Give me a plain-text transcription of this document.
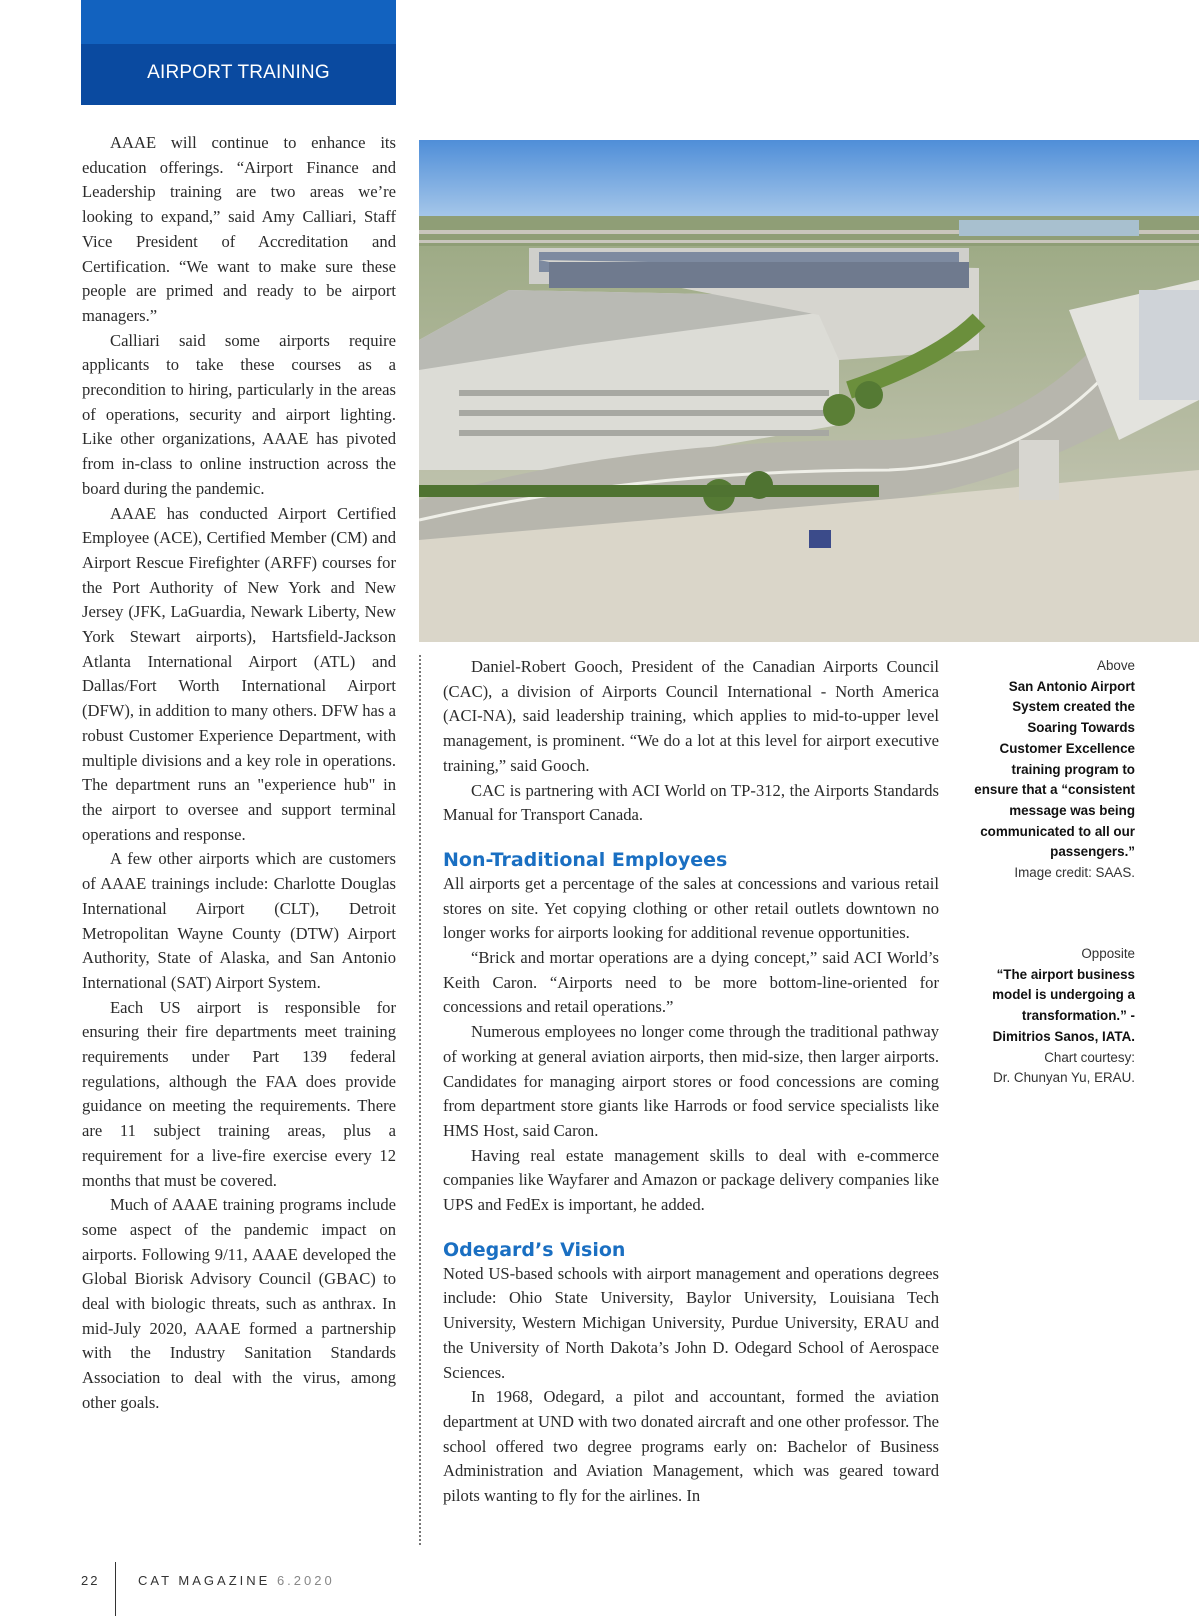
AIRPORT TRAINING

AAAE will continue to enhance its education offerings. “Airport Finance and Leadership training are two areas we’re looking to expand,” said Amy Calliari, Staff Vice President of Accreditation and Certification. “We want to make sure these people are primed and ready to be airport managers.”

Calliari said some airports require applicants to take these courses as a precondition to hiring, particularly in the areas of operations, security and airport lighting. Like other organizations, AAAE has pivoted from in-class to online instruction across the board during the pandemic.

AAAE has conducted Airport Certified Employee (ACE), Certified Member (CM) and Airport Rescue Firefighter (ARFF) courses for the Port Authority of New York and New Jersey (JFK, LaGuardia, Newark Liberty, New York Stewart airports), Hartsfield-Jackson Atlanta International Airport (ATL) and Dallas/Fort Worth International Airport (DFW), in addition to many others. DFW has a robust Customer Experience Department, with multiple divisions and a key role in operations. The department runs an "experience hub" in the airport to oversee and support terminal operations and response.

A few other airports which are customers of AAAE trainings include: Charlotte Douglas International Airport (CLT), Detroit Metropolitan Wayne County (DTW) Airport Authority, State of Alaska, and San Antonio International (SAT) Airport System.

Each US airport is responsible for ensuring their fire departments meet training requirements under Part 139 federal regulations, although the FAA does provide guidance on meeting the requirements. There are 11 subject training areas, plus a requirement for a live-fire exercise every 12 months that must be covered.

Much of AAAE training programs include some aspect of the pandemic impact on airports. Following 9/11, AAAE developed the Global Biorisk Advisory Council (GBAC) to deal with biologic threats, such as anthrax. In mid-July 2020, AAAE formed a partnership with the Industry Sanitation Standards Association to deal with the virus, among other goals.

Daniel-Robert Gooch, President of the Canadian Airports Council (CAC), a division of Airports Council International - North America (ACI-NA), said leadership training, which applies to mid-to-upper level management, is prominent. “We do a lot at this level for airport executive training,” said Gooch.

CAC is partnering with ACI World on TP-312, the Airports Standards Manual for Transport Canada.

Non-Traditional Employees

All airports get a percentage of the sales at concessions and various retail stores on site. Yet copying clothing or other retail outlets downtown no longer works for airports looking for additional revenue opportunities.

“Brick and mortar operations are a dying concept,” said ACI World’s Keith Caron. “Airports need to be more bottom-line-oriented for concessions and retail operations.”

Numerous employees no longer come through the traditional pathway of working at general aviation airports, then mid-size, then larger airports. Candidates for managing airport stores or food concessions are coming from department store giants like Harrods or food service specialists like HMS Host, said Caron.

Having real estate management skills to deal with e-commerce companies like Wayfarer and Amazon or package delivery companies like UPS and FedEx is important, he added.

Odegard’s Vision

Noted US-based schools with airport management and operations degrees include: Ohio State University, Baylor University, Louisiana Tech University, Western Michigan University, Purdue University, ERAU and the University of North Dakota’s John D. Odegard School of Aerospace Sciences.

In 1968, Odegard, a pilot and accountant, formed the aviation department at UND with two donated aircraft and one other professor. The school offered two degree programs early on: Bachelor of Business Administration and Aviation Management, which was geared toward pilots wanting to fly for the airlines. In

Above
San Antonio Airport System created the Soaring Towards Customer Excellence training program to ensure that a “consistent message was being communicated to all our passengers.”
Image credit: SAAS.
Opposite
“The airport business model is undergoing a transformation.” - Dimitrios Sanos, IATA.
Chart courtesy:
Dr. Chunyan Yu, ERAU.
22	CAT MAGAZINE 6.2020
